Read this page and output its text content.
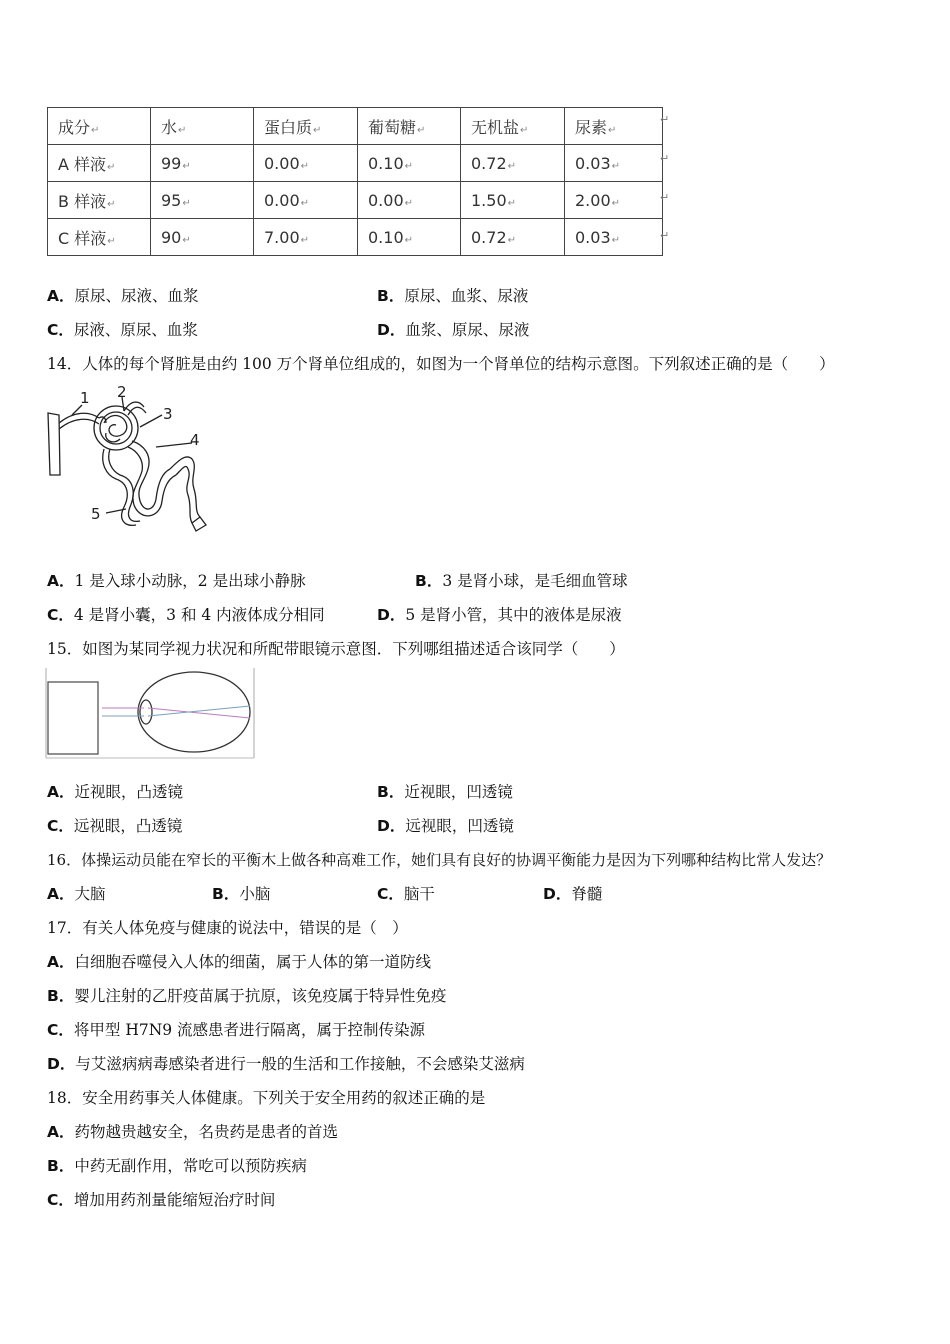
成分↵	水↵	蛋白质↵	葡萄糖↵	无机盐↵	尿素↵
A 样液↵	99↵	0.00↵	0.10↵	0.72↵	0.03↵
B 样液↵	95↵	0.00↵	0.00↵	1.50↵	2.00↵
C 样液↵	90↵	7.00↵	0.10↵	0.72↵	0.03↵
↵
↵
↵
↵
A．原尿、尿液、血浆	B．原尿、血浆、尿液
C．尿液、原尿、血浆	D．血浆、原尿、尿液
14．人体的每个肾脏是由约 100 万个肾单位组成的，如图为一个肾单位的结构示意图。下列叙述正确的是（　　）
1 2
3
4
5
A．1 是入球小动脉，2 是出球小静脉	B．3 是肾小球，是毛细血管球
C．4 是肾小囊，3 和 4 内液体成分相同	D．5 是肾小管，其中的液体是尿液
15．如图为某同学视力状况和所配带眼镜示意图．下列哪组描述适合该同学（　　）
A．近视眼，凸透镜	B．近视眼，凹透镜
C．远视眼，凸透镜	D．远视眼，凹透镜
16．体操运动员能在窄长的平衡木上做各种高难工作，她们具有良好的协调平衡能力是因为下列哪种结构比常人发达？
A．大脑	B．小脑	C．脑干	D．脊髓
17．有关人体免疫与健康的说法中，错误的是（　）
A．白细胞吞噬侵入人体的细菌，属于人体的第一道防线
B．婴儿注射的乙肝疫苗属于抗原，该免疫属于特异性免疫
C．将甲型 H7N9 流感患者进行隔离，属于控制传染源
D．与艾滋病病毒感染者进行一般的生活和工作接触，不会感染艾滋病
18．安全用药事关人体健康。下列关于安全用药的叙述正确的是
A．药物越贵越安全，名贵药是患者的首选
B．中药无副作用，常吃可以预防疾病
C．增加用药剂量能缩短治疗时间
